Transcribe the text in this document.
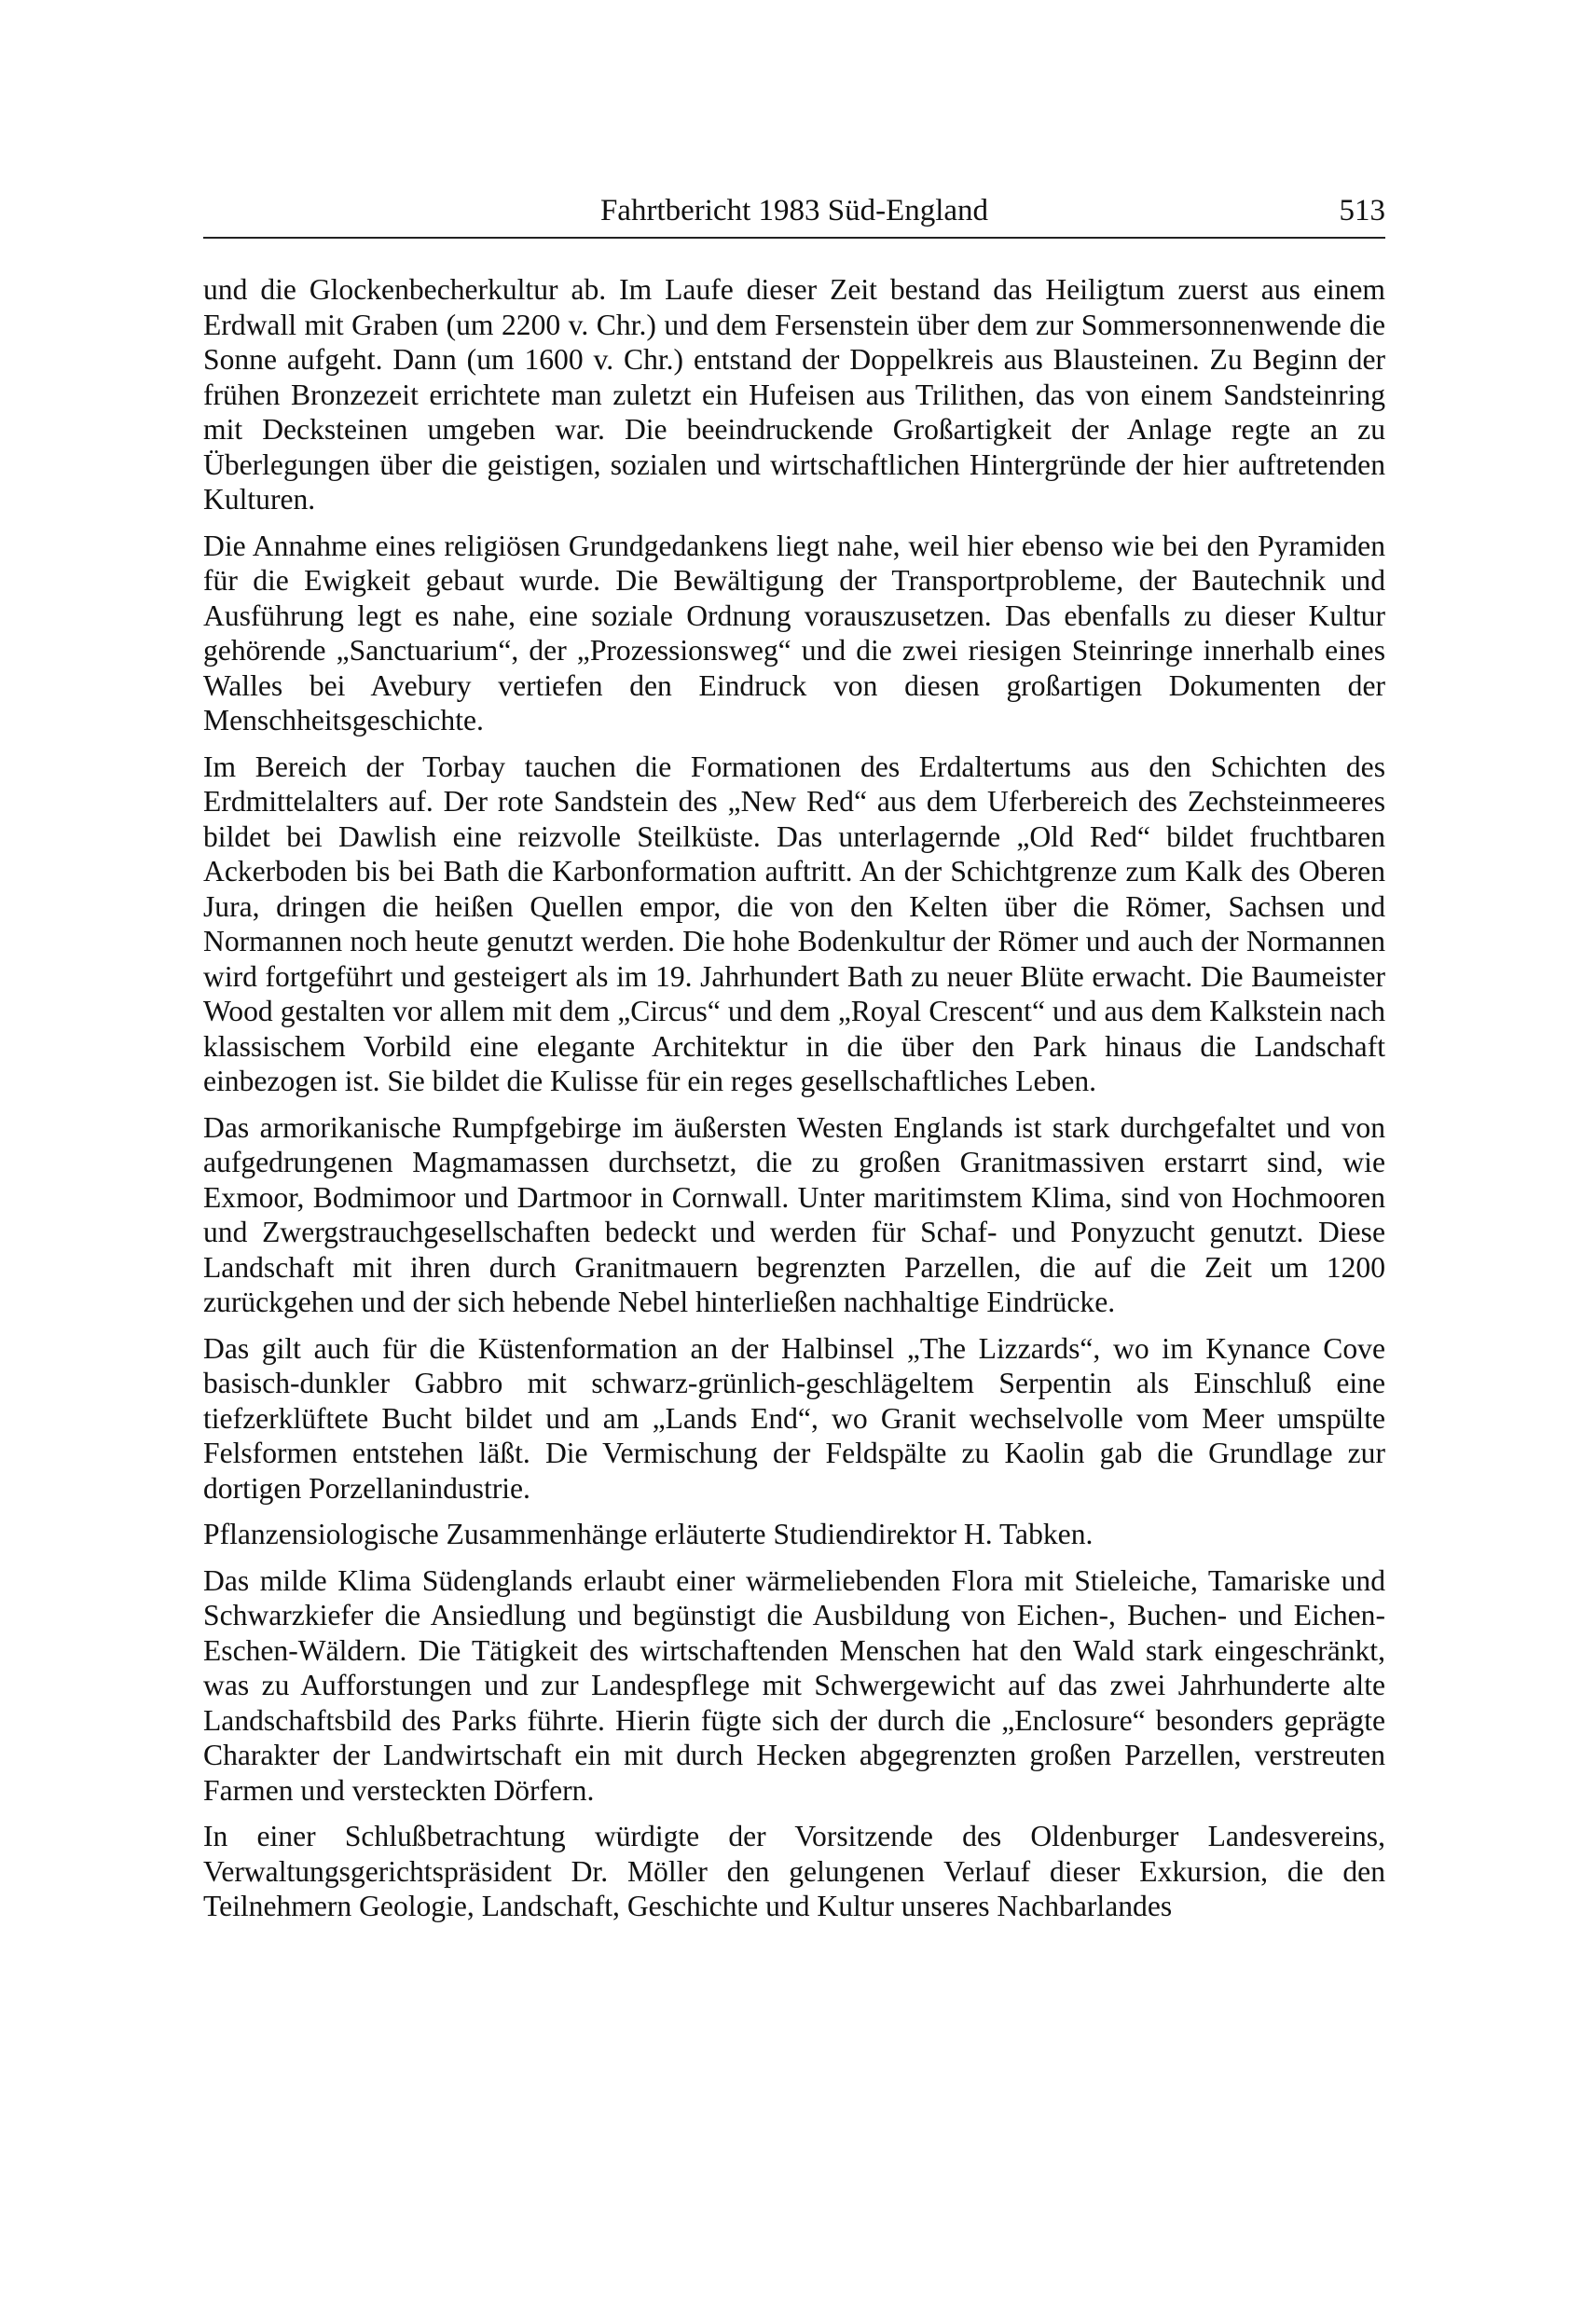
Fahrtbericht 1983 Süd-England	513

und die Glockenbecherkultur ab. Im Laufe dieser Zeit bestand das Heiligtum zuerst aus einem Erdwall mit Graben (um 2200 v. Chr.) und dem Fersenstein über dem zur Sommersonnenwende die Sonne aufgeht. Dann (um 1600 v. Chr.) entstand der Doppelkreis aus Blausteinen. Zu Beginn der frühen Bronzezeit errichtete man zuletzt ein Hufeisen aus Trilithen, das von einem Sandsteinring mit Decksteinen umgeben war. Die beeindruckende Großartigkeit der Anlage regte an zu Überlegungen über die geistigen, sozialen und wirtschaftlichen Hintergründe der hier auftretenden Kulturen.

Die Annahme eines religiösen Grundgedankens liegt nahe, weil hier ebenso wie bei den Pyramiden für die Ewigkeit gebaut wurde. Die Bewältigung der Transportprobleme, der Bautechnik und Ausführung legt es nahe, eine soziale Ordnung vorauszusetzen. Das ebenfalls zu dieser Kultur gehörende „Sanctuarium“, der „Prozessionsweg“ und die zwei riesigen Steinringe innerhalb eines Walles bei Avebury vertiefen den Eindruck von diesen großartigen Dokumenten der Menschheitsgeschichte.

Im Bereich der Torbay tauchen die Formationen des Erdaltertums aus den Schichten des Erdmittelalters auf. Der rote Sandstein des „New Red“ aus dem Uferbereich des Zechsteinmeeres bildet bei Dawlish eine reizvolle Steilküste. Das unterlagernde „Old Red“ bildet fruchtbaren Ackerboden bis bei Bath die Karbonformation auftritt. An der Schichtgrenze zum Kalk des Oberen Jura, dringen die heißen Quellen empor, die von den Kelten über die Römer, Sachsen und Normannen noch heute genutzt werden. Die hohe Bodenkultur der Römer und auch der Normannen wird fortgeführt und gesteigert als im 19. Jahrhundert Bath zu neuer Blüte erwacht. Die Baumeister Wood gestalten vor allem mit dem „Circus“ und dem „Royal Crescent“ und aus dem Kalkstein nach klassischem Vorbild eine elegante Architektur in die über den Park hinaus die Landschaft einbezogen ist. Sie bildet die Kulisse für ein reges gesellschaftliches Leben.

Das armorikanische Rumpfgebirge im äußersten Westen Englands ist stark durchgefaltet und von aufgedrungenen Magmamassen durchsetzt, die zu großen Granitmassiven erstarrt sind, wie Exmoor, Bodmimoor und Dartmoor in Cornwall. Unter maritimstem Klima, sind von Hochmooren und Zwergstrauchgesellschaften bedeckt und werden für Schaf- und Ponyzucht genutzt. Diese Landschaft mit ihren durch Granitmauern begrenzten Parzellen, die auf die Zeit um 1200 zurückgehen und der sich hebende Nebel hinterließen nachhaltige Eindrücke.

Das gilt auch für die Küstenformation an der Halbinsel „The Lizzards“, wo im Kynance Cove basisch-dunkler Gabbro mit schwarz-grünlich-geschlägeltem Serpentin als Einschluß eine tiefzerklüftete Bucht bildet und am „Lands End“, wo Granit wechselvolle vom Meer umspülte Felsformen entstehen läßt. Die Vermischung der Feldspälte zu Kaolin gab die Grundlage zur dortigen Porzellanindustrie.

Pflanzensiologische Zusammenhänge erläuterte Studiendirektor H. Tabken.

Das milde Klima Südenglands erlaubt einer wärmeliebenden Flora mit Stieleiche, Tamariske und Schwarzkiefer die Ansiedlung und begünstigt die Ausbildung von Eichen-, Buchen- und Eichen-Eschen-Wäldern. Die Tätigkeit des wirtschaftenden Menschen hat den Wald stark eingeschränkt, was zu Aufforstungen und zur Landespflege mit Schwergewicht auf das zwei Jahrhunderte alte Landschaftsbild des Parks führte. Hierin fügte sich der durch die „Enclosure“ besonders geprägte Charakter der Landwirtschaft ein mit durch Hecken abgegrenzten großen Parzellen, verstreuten Farmen und versteckten Dörfern.

In einer Schlußbetrachtung würdigte der Vorsitzende des Oldenburger Landesvereins, Verwaltungsgerichtspräsident Dr. Möller den gelungenen Verlauf dieser Exkursion, die den Teilnehmern Geologie, Landschaft, Geschichte und Kultur unseres Nachbarlandes
